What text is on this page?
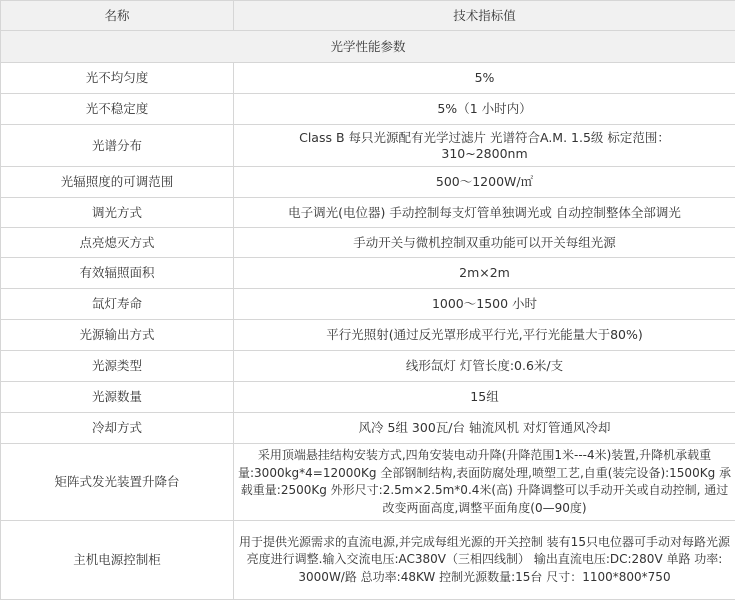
名称	技术指标值
光学性能参数	
光不均匀度	5%
光不稳定度	5%（1 小时内）
光谱分布	Class B 每只光源配有光学过滤片 光谱符合A.M. 1.5级 标定范围：310~2800nm
光辐照度的可调范围	500～1200W/㎡
调光方式	电子调光(电位器) 手动控制每支灯管单独调光或 自动控制整体全部调光
点亮熄灭方式	手动开关与微机控制双重功能可以开关每组光源
有效辐照面积	2m×2m
氙灯寿命	1000～1500 小时
光源输出方式	平行光照射(通过反光罩形成平行光,平行光能量大于80%)
光源类型	线形氙灯 灯管长度:0.6米/支
光源数量	15组
冷却方式	风冷 5组 300瓦/台 轴流风机 对灯管通风冷却
矩阵式发光装置升降台	采用顶端悬挂结构安装方式,四角安装电动升降(升降范围1米---4米)装置,升降机承载重量:3000kg*4=12000Kg 全部钢制结构,表面防腐处理,喷塑工艺,自重(装完设备):1500Kg 承载重量:2500Kg 外形尺寸:2.5m×2.5m*0.4米(高) 升降调整可以手动开关或自动控制, 通过改变两面高度,调整平面角度(0—90度)
主机电源控制柜	用于提供光源需求的直流电源,并完成每组光源的开关控制 装有15只电位器可手动对每路光源亮度进行调整.输入交流电压:AC380V（三相四线制） 输出直流电压:DC:280V 单路 功率: 3000W/路 总功率:48KW 控制光源数量:15台 尺寸：1100*800*750
